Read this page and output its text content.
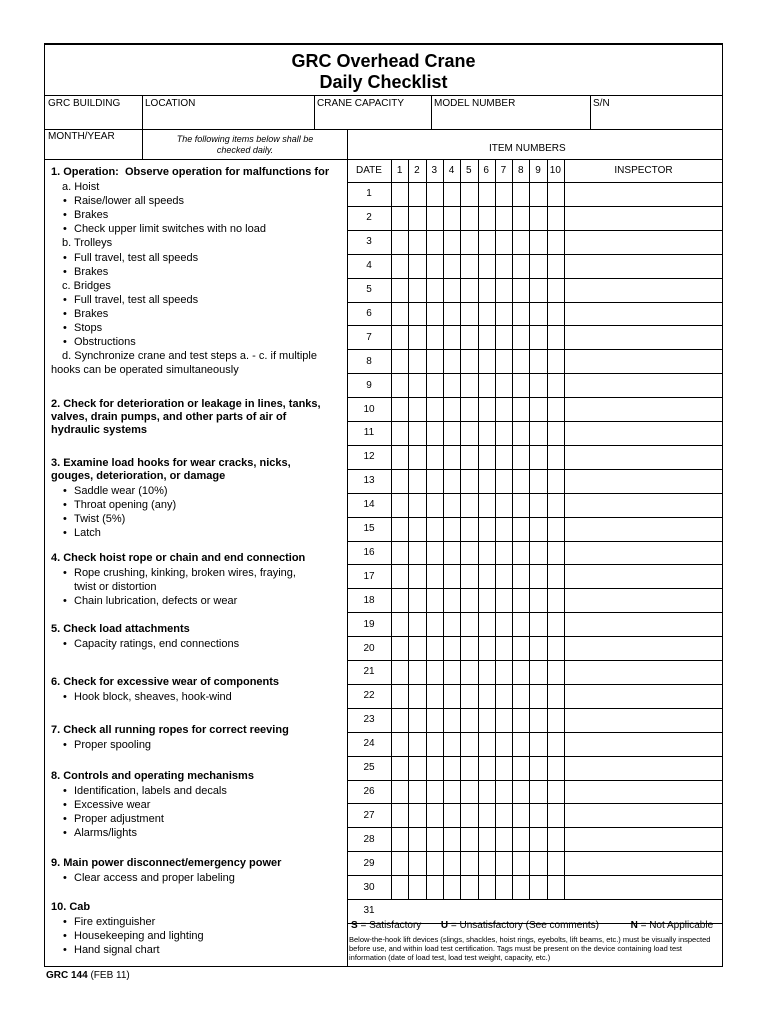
GRC Overhead Crane
Daily Checklist
GRC BUILDING LOCATION	CRANE CAPACITY	MODEL NUMBER	S/N
MONTH/YEAR	The following items below shall be
checked daily.	ITEM NUMBERS
1. Operation:  Observe operation for malfunctions for
a. Hoist
• Raise/lower all speeds
• Brakes
• Check upper limit switches with no load
b. Trolleys
• Full travel, test all speeds
• Brakes
c. Bridges
• Full travel, test all speeds
• Brakes
• Stops
• Obstructions
d. Synchronize crane and test steps a. - c. if multiple
hooks can be operated simultaneously
2. Check for deterioration or leakage in lines, tanks,
valves, drain pumps, and other parts of air of
hydraulic systems
3. Examine load hooks for wear cracks, nicks,
gouges, deterioration, or damage
• Saddle wear (10%)
• Throat opening (any)
• Twist (5%)
• Latch
4. Check hoist rope or chain and end connection
• Rope crushing, kinking, broken wires, fraying,
twist or distortion
• Chain lubrication, defects or wear
5. Check load attachments
• Capacity ratings, end connections
6. Check for excessive wear of components
• Hook block, sheaves, hook-wind
7. Check all running ropes for correct reeving
• Proper spooling
8. Controls and operating mechanisms
• Identification, labels and decals
• Excessive wear
• Proper adjustment
• Alarms/lights
9. Main power disconnect/emergency power
• Clear access and proper labeling
10. Cab
• Fire extinguisher
• Housekeeping and lighting
• Hand signal chart
DATE	1	2	3	4	5	6	7	8	9 10	INSPECTOR
1
2
3
4
5
6
7
8
9
10
11
12
13
14
15
16
17
18
19
20
21
22
23
24
25
26
27
28
29
30
31
S = Satisfactory U = Unsatisfactory (See comments)	N = Not Applicable
Below-the-hook lift devices (slings, shackles, hoist rings, eyebolts, lift beams, etc.) must be visually inspected before use, and within load test certification. Tags must be present on the device containing load test information (date of load test, load test weight, capacity, etc.)
GRC 144 (FEB 11)
